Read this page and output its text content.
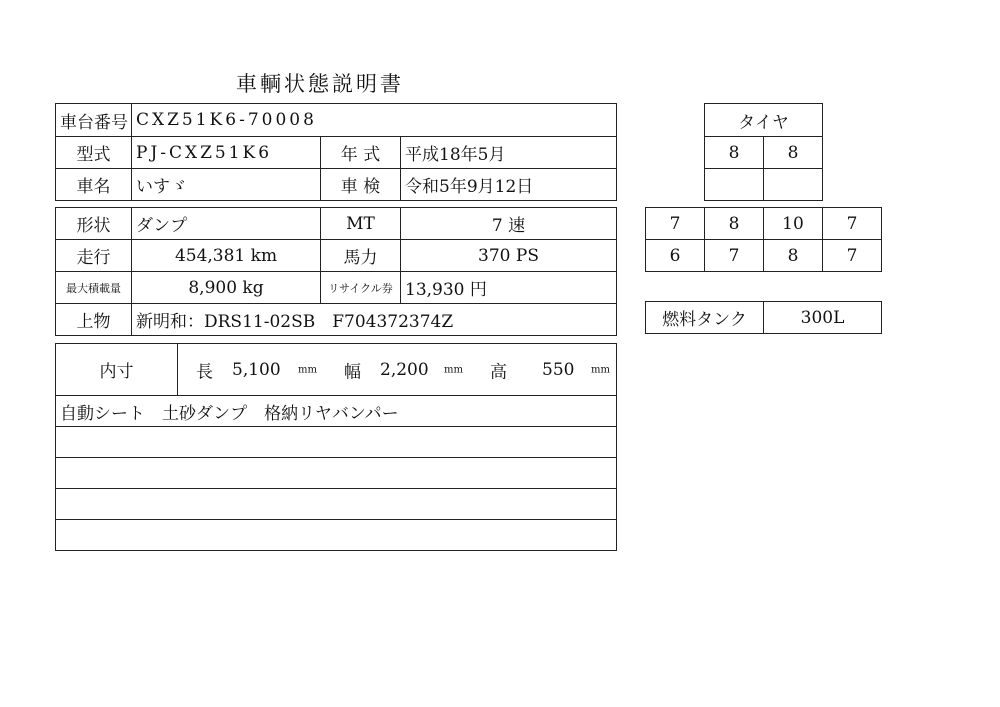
車輌状態説明書
車台番号	CXZ51K6-70008		
型式	PJ-CXZ51K6	年 式	平成18年5月
車名	いすゞ	車 検	令和5年9月12日
形状	ダンプ	MT	7 速
走行	454,381 km	馬力	370 PS
最大積載量	8,900 kg	リサイクル券	13,930 円
上物	新明和：DRS11-02SB　F704372374Z		
内寸	長 5,100 mm 幅 2,200 mm 高 550 mm

自動シート　土砂ダンプ　格納リヤバンパー

タイヤ	
8	8

7	8	10	7
6	7	8	7
燃料タンク	300L
